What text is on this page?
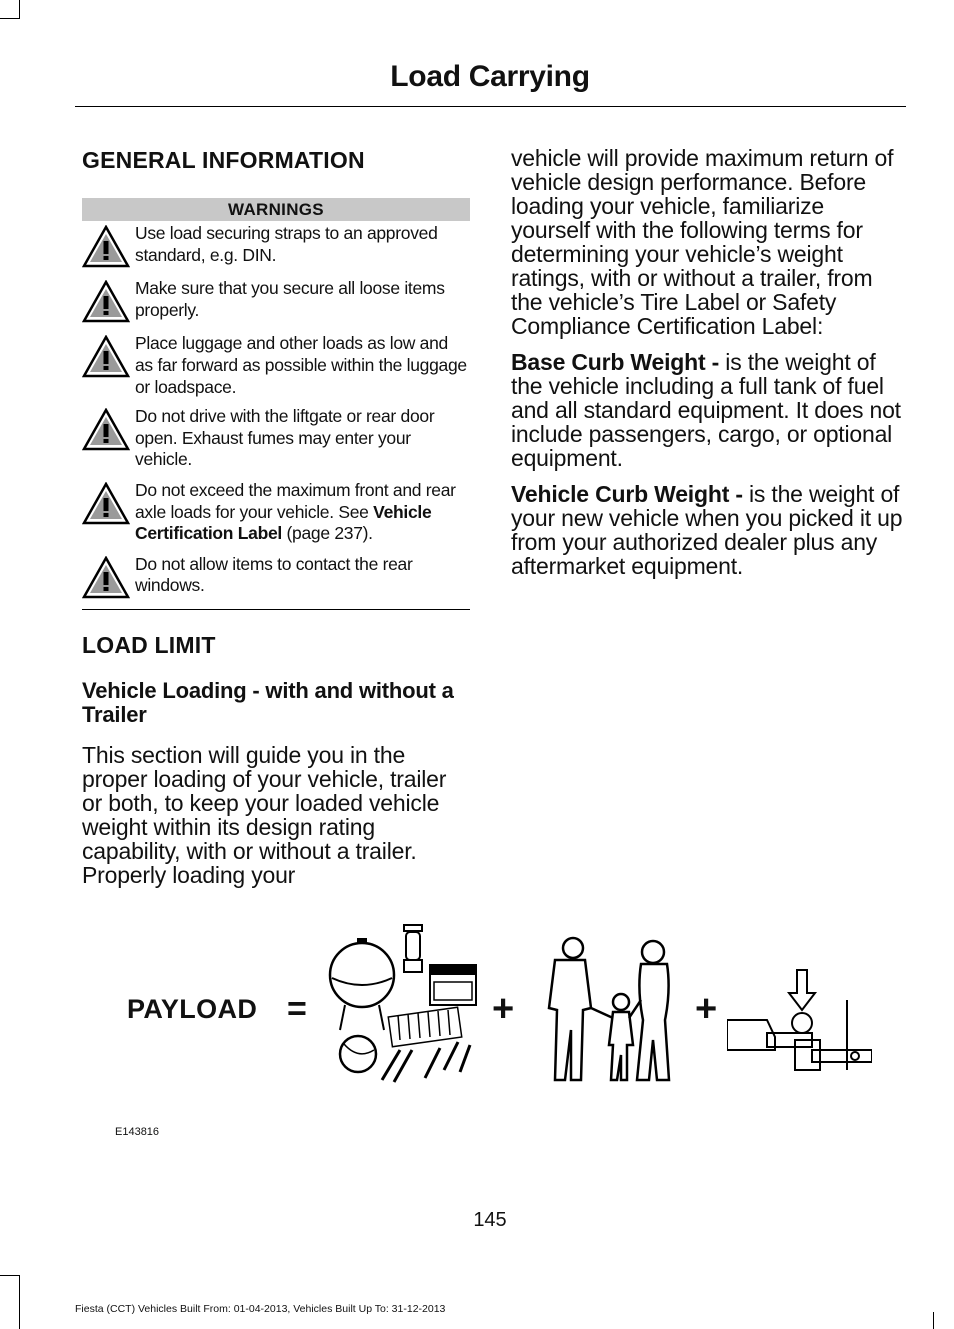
Load Carrying
GENERAL INFORMATION
WARNINGS
Use load securing straps to an approved standard, e.g. DIN.
Make sure that you secure all loose items properly.
Place luggage and other loads as low and as far forward as possible within the luggage or loadspace.
Do not drive with the liftgate or rear door open. Exhaust fumes may enter your vehicle.
Do not exceed the maximum front and rear axle loads for your vehicle. See Vehicle Certification Label (page 237).
Do not allow items to contact the rear windows.
LOAD LIMIT
Vehicle Loading - with and without a Trailer

This section will guide you in the proper loading of your vehicle, trailer or both, to keep your loaded vehicle weight within its design rating capability, with or without a trailer. Properly loading your

vehicle will provide maximum return of vehicle design performance. Before loading your vehicle, familiarize yourself with the following terms for determining your vehicle’s weight ratings, with or without a trailer, from the vehicle’s Tire Label or Safety Compliance Certification Label:

Base Curb Weight - is the weight of the vehicle including a full tank of fuel and all standard equipment. It does not include passengers, cargo, or optional equipment.

Vehicle Curb Weight - is the weight of your new vehicle when you picked it up from your authorized dealer plus any aftermarket equipment.

PAYLOAD =	+	+
E143816
145
Fiesta (CCT) Vehicles Built From: 01-04-2013, Vehicles Built Up To: 31-12-2013
